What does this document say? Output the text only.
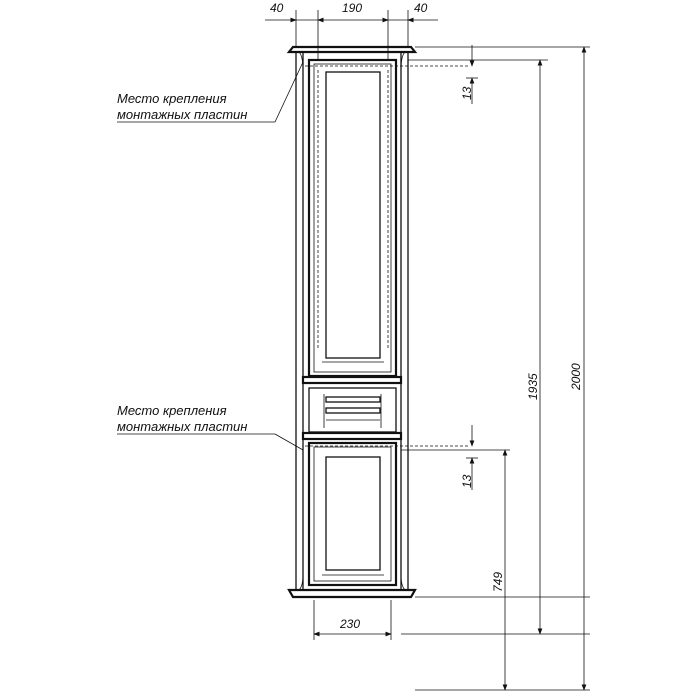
40	190	40
13
13
1935 2000
749
230
Место крепления
монтажных пластин
Место крепления
монтажных пластин
